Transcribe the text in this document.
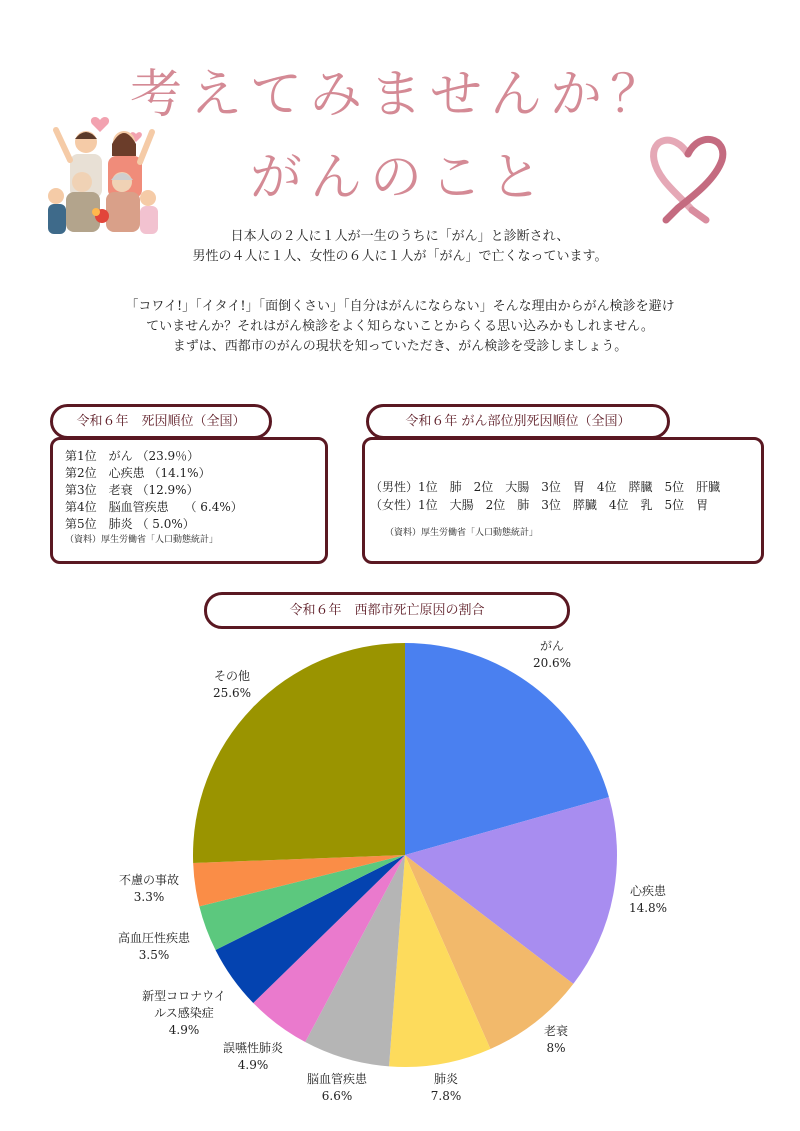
考えてみませんか？
がんのこと

日本人の２人に１人が一生のうちに「がん」と診断され、

男性の４人に１人、女性の６人に１人が「がん」で亡くなっています。

「コワイ!」「イタイ!」「面倒くさい」「自分はがんにならない」そんな理由からがん検診を避け

ていませんか？それはがん検診をよく知らないことからくる思い込みかもしれません。

まずは、西都市のがんの現状を知っていただき、がん検診を受診しましょう。

令和６年　死因順位（全国）
第1位　がん （23.9％）
第2位　心疾患 （14.1%）
第3位　老衰 （12.9%）
第4位　脳血管疾患　 （ 6.4%）
第5位　肺炎 （ 5.0%）
（資料）厚生労働省「人口動態統計」
令和６年 がん部位別死因順位（全国）
（男性）1位　肺　2位　大腸　3位　胃　4位　膵臓　5位　肝臓
（女性）1位　大腸　2位　肺　3位　膵臓　4位　乳　5位　胃
（資料）厚生労働省「人口動態統計」
令和６年　西都市死亡原因の割合
がん 20.6%
心疾患 14.8%
老衰 8%
肺炎 7.8%
脳血管疾患 6.6%
誤嚥性肺炎 4.9%
新型コロナウイルス感染症 4.9%
高血圧性疾患 3.5%
不慮の事故 3.3%
その他 25.6%
